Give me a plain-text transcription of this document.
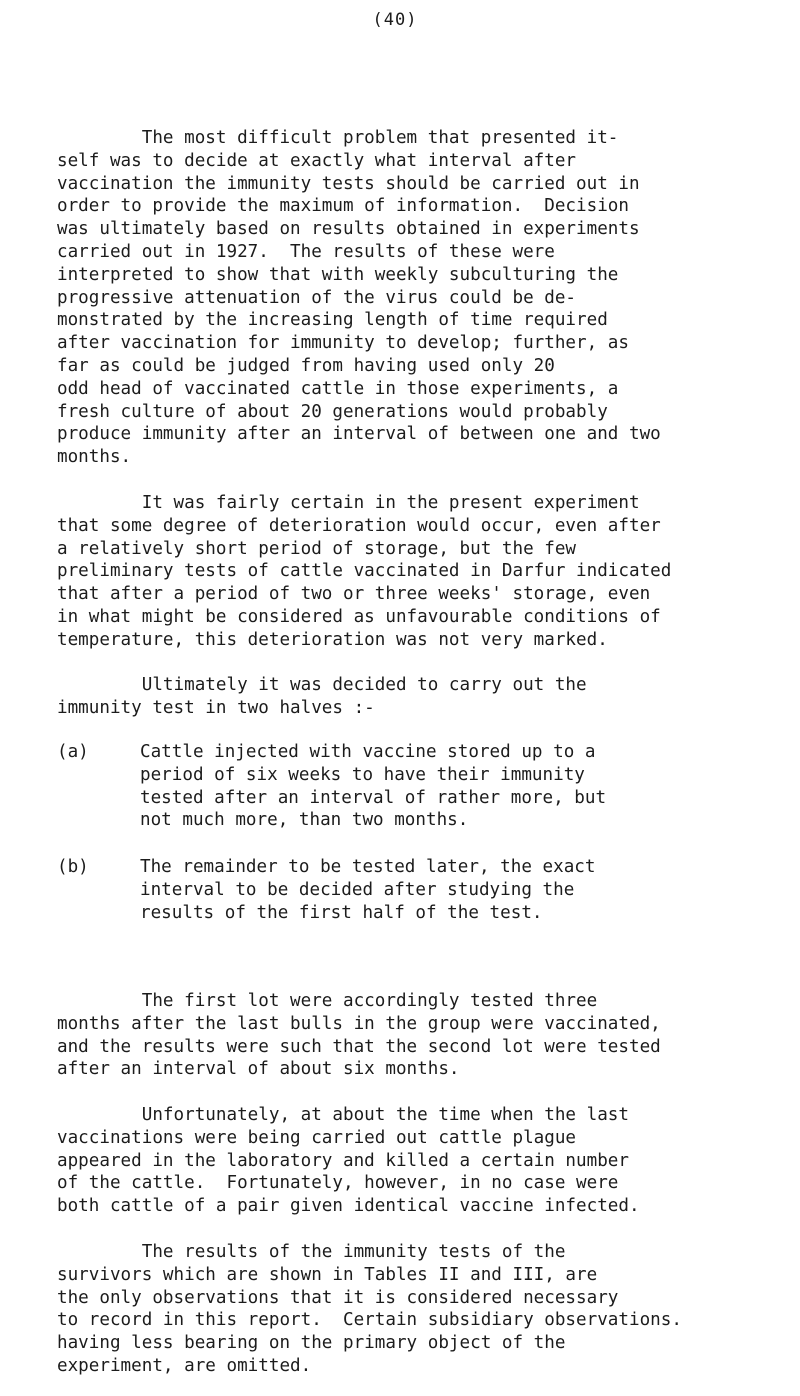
(40)
The most difficult problem that presented it-
self was to decide at exactly what interval after
vaccination the immunity tests should be carried out in
order to provide the maximum of information.  Decision
was ultimately based on results obtained in experiments
carried out in 1927.  The results of these were
interpreted to show that with weekly subculturing the
progressive attenuation of the virus could be de-
monstrated by the increasing length of time required
after vaccination for immunity to develop; further, as
far as could be judged from having used only 20
odd head of vaccinated cattle in those experiments, a
fresh culture of about 20 generations would probably
produce immunity after an interval of between one and two
months.
It was fairly certain in the present experiment
that some degree of deterioration would occur, even after
a relatively short period of storage, but the few
preliminary tests of cattle vaccinated in Darfur indicated
that after a period of two or three weeks' storage, even
in what might be considered as unfavourable conditions of
temperature, this deterioration was not very marked.
Ultimately it was decided to carry out the
immunity test in two halves :-
(a)	Cattle injected with vaccine stored up to a
period of six weeks to have their immunity
tested after an interval of rather more, but
not much more, than two months.
(b)	The remainder to be tested later, the exact
interval to be decided after studying the
results of the first half of the test.
The first lot were accordingly tested three
months after the last bulls in the group were vaccinated,
and the results were such that the second lot were tested
after an interval of about six months.
Unfortunately, at about the time when the last
vaccinations were being carried out cattle plague
appeared in the laboratory and killed a certain number
of the cattle.  Fortunately, however, in no case were
both cattle of a pair given identical vaccine infected.
The results of the immunity tests of the
survivors which are shown in Tables II and III, are
the only observations that it is considered necessary
to record in this report.  Certain subsidiary observations.
having less bearing on the primary object of the
experiment, are omitted.
